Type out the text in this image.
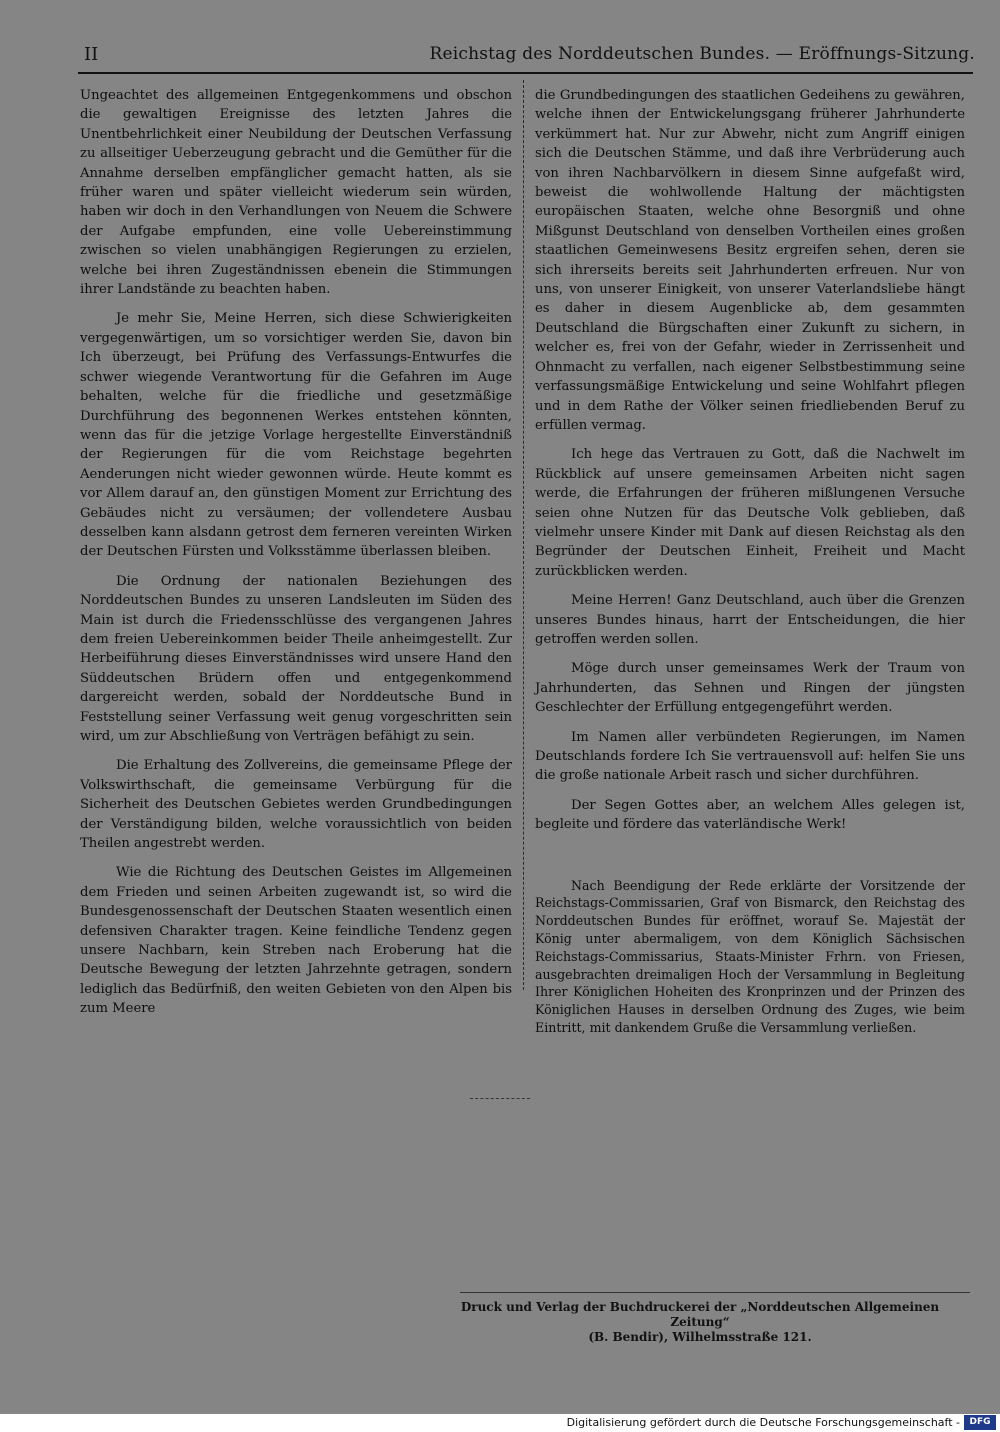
II	Reichstag des Norddeutschen Bundes. — Eröffnungs-Sitzung.

Ungeachtet des allgemeinen Entgegenkommens und obschon die gewaltigen Ereignisse des letzten Jahres die Unentbehrlichkeit einer Neubildung der Deutschen Verfassung zu allseitiger Ueberzeugung gebracht und die Gemüther für die Annahme derselben empfänglicher gemacht hatten, als sie früher waren und später vielleicht wiederum sein würden, haben wir doch in den Verhandlungen von Neuem die Schwere der Aufgabe empfunden, eine volle Uebereinstimmung zwischen so vielen unabhängigen Regierungen zu erzielen, welche bei ihren Zugeständnissen ebenein die Stimmungen ihrer Landstände zu beachten haben.

Je mehr Sie, Meine Herren, sich diese Schwierigkeiten vergegenwärtigen, um so vorsichtiger werden Sie, davon bin Ich überzeugt, bei Prüfung des Verfassungs-Entwurfes die schwer wiegende Verantwortung für die Gefahren im Auge behalten, welche für die friedliche und gesetzmäßige Durchführung des begonnenen Werkes entstehen könnten, wenn das für die jetzige Vorlage hergestellte Einverständniß der Regierungen für die vom Reichstage begehrten Aenderungen nicht wieder gewonnen würde. Heute kommt es vor Allem darauf an, den günstigen Moment zur Errichtung des Gebäudes nicht zu versäumen; der vollendetere Ausbau desselben kann alsdann getrost dem ferneren vereinten Wirken der Deutschen Fürsten und Volksstämme überlassen bleiben.

Die Ordnung der nationalen Beziehungen des Norddeutschen Bundes zu unseren Landsleuten im Süden des Main ist durch die Friedensschlüsse des vergangenen Jahres dem freien Uebereinkommen beider Theile anheimgestellt. Zur Herbeiführung dieses Einverständnisses wird unsere Hand den Süddeutschen Brüdern offen und entgegenkommend dargereicht werden, sobald der Norddeutsche Bund in Feststellung seiner Verfassung weit genug vorgeschritten sein wird, um zur Abschließung von Verträgen befähigt zu sein.

Die Erhaltung des Zollvereins, die gemeinsame Pflege der Volkswirthschaft, die gemeinsame Verbürgung für die Sicherheit des Deutschen Gebietes werden Grundbedingungen der Verständigung bilden, welche voraussichtlich von beiden Theilen angestrebt werden.

Wie die Richtung des Deutschen Geistes im Allgemeinen dem Frieden und seinen Arbeiten zugewandt ist, so wird die Bundesgenossenschaft der Deutschen Staaten wesentlich einen defensiven Charakter tragen. Keine feindliche Tendenz gegen unsere Nachbarn, kein Streben nach Eroberung hat die Deutsche Bewegung der letzten Jahrzehnte getragen, sondern lediglich das Bedürfniß, den weiten Gebieten von den Alpen bis zum Meere

die Grundbedingungen des staatlichen Gedeihens zu gewähren, welche ihnen der Entwickelungsgang früherer Jahrhunderte verkümmert hat. Nur zur Abwehr, nicht zum Angriff einigen sich die Deutschen Stämme, und daß ihre Verbrüderung auch von ihren Nachbarvölkern in diesem Sinne aufgefaßt wird, beweist die wohlwollende Haltung der mächtigsten europäischen Staaten, welche ohne Besorgniß und ohne Mißgunst Deutschland von denselben Vortheilen eines großen staatlichen Gemeinwesens Besitz ergreifen sehen, deren sie sich ihrerseits bereits seit Jahrhunderten erfreuen. Nur von uns, von unserer Einigkeit, von unserer Vaterlandsliebe hängt es daher in diesem Augenblicke ab, dem gesammten Deutschland die Bürgschaften einer Zukunft zu sichern, in welcher es, frei von der Gefahr, wieder in Zerrissenheit und Ohnmacht zu verfallen, nach eigener Selbstbestimmung seine verfassungsmäßige Entwickelung und seine Wohlfahrt pflegen und in dem Rathe der Völker seinen friedliebenden Beruf zu erfüllen vermag.

Ich hege das Vertrauen zu Gott, daß die Nachwelt im Rückblick auf unsere gemeinsamen Arbeiten nicht sagen werde, die Erfahrungen der früheren mißlungenen Versuche seien ohne Nutzen für das Deutsche Volk geblieben, daß vielmehr unsere Kinder mit Dank auf diesen Reichstag als den Begründer der Deutschen Einheit, Freiheit und Macht zurückblicken werden.

Meine Herren! Ganz Deutschland, auch über die Grenzen unseres Bundes hinaus, harrt der Entscheidungen, die hier getroffen werden sollen.

Möge durch unser gemeinsames Werk der Traum von Jahrhunderten, das Sehnen und Ringen der jüngsten Geschlechter der Erfüllung entgegengeführt werden.

Im Namen aller verbündeten Regierungen, im Namen Deutschlands fordere Ich Sie vertrauensvoll auf: helfen Sie uns die große nationale Arbeit rasch und sicher durchführen.

Der Segen Gottes aber, an welchem Alles gelegen ist, begleite und fördere das vaterländische Werk!

Nach Beendigung der Rede erklärte der Vorsitzende der Reichstags-Commissarien, Graf von Bismarck, den Reichstag des Norddeutschen Bundes für eröffnet, worauf Se. Majestät der König unter abermaligem, von dem Königlich Sächsischen Reichstags-Commissarius, Staats-Minister Frhrn. von Friesen, ausgebrachten dreimaligen Hoch der Versammlung in Begleitung Ihrer Königlichen Hoheiten des Kronprinzen und der Prinzen des Königlichen Hauses in derselben Ordnung des Zuges, wie beim Eintritt, mit dankendem Gruße die Versammlung verließen.

Druck und Verlag der Buchdruckerei der „Norddeutschen Allgemeinen Zeitung“
(B. Bendir), Wilhelmsstraße 121.
Digitalisierung gefördert durch die Deutsche Forschungsgemeinschaft -	DFG
